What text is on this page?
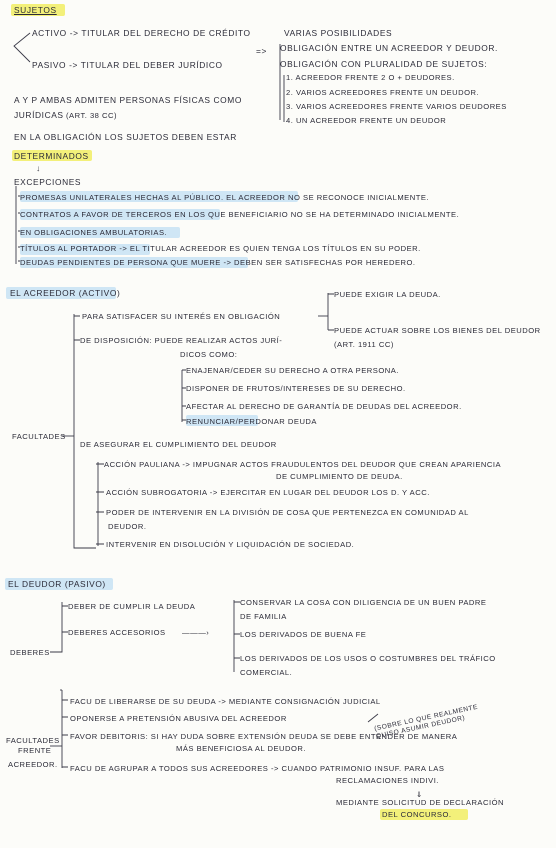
SUJETOS
ACTIVO -> TITULAR DEL DERECHO DE CRÉDITO
PASIVO -> TITULAR DEL DEBER JURÍDICO
A Y P AMBAS ADMITEN PERSONAS FÍSICAS COMO
JURÍDICAS (ART. 38 CC)
=>
VARIAS POSIBILIDADES
OBLIGACIÓN ENTRE UN ACREEDOR Y DEUDOR.
OBLIGACIÓN CON PLURALIDAD DE SUJETOS:
1. ACREEDOR FRENTE 2 O + DEUDORES.
2. VARIOS ACREEDORES FRENTE UN DEUDOR.
3. VARIOS ACREEDORES FRENTE VARIOS DEUDORES
4. UN ACREEDOR FRENTE UN DEUDOR
EN LA OBLIGACIÓN LOS SUJETOS DEBEN ESTAR
DETERMINADOS
↓
EXCEPCIONES
PROMESAS UNILATERALES HECHAS AL PÚBLICO. EL ACREEDOR NO SE RECONOCE INICIALMENTE.
CONTRATOS A FAVOR DE TERCEROS EN LOS QUE BENEFICIARIO NO SE HA DETERMINADO INICIALMENTE.
EN OBLIGACIONES AMBULATORIAS.
TÍTULOS AL PORTADOR -> EL TITULAR ACREEDOR ES QUIEN TENGA LOS TÍTULOS EN SU PODER.
DEUDAS PENDIENTES DE PERSONA QUE MUERE -> DEBEN SER SATISFECHAS POR HEREDERO.
EL ACREEDOR (ACTIVO)
PARA SATISFACER SU INTERÉS EN OBLIGACIÓN
PUEDE EXIGIR LA DEUDA.
PUEDE ACTUAR SOBRE LOS BIENES DEL DEUDOR
(ART. 1911 CC)
DE DISPOSICIÓN: PUEDE REALIZAR ACTOS JURÍ-
DICOS COMO:
ENAJENAR/CEDER SU DERECHO A OTRA PERSONA.
DISPONER DE FRUTOS/INTERESES DE SU DERECHO.
AFECTAR AL DERECHO DE GARANTÍA DE DEUDAS DEL ACREEDOR.
RENUNCIAR/PERDONAR DEUDA
FACULTADES
DE ASEGURAR EL CUMPLIMIENTO DEL DEUDOR
ACCIÓN PAULIANA -> IMPUGNAR ACTOS FRAUDULENTOS DEL DEUDOR QUE CREAN APARIENCIA
DE CUMPLIMIENTO DE DEUDA.
ACCIÓN SUBROGATORIA -> EJERCITAR EN LUGAR DEL DEUDOR LOS D. Y ACC.
PODER DE INTERVENIR EN LA DIVISIÓN DE COSA QUE PERTENEZCA EN COMUNIDAD AL
DEUDOR.
INTERVENIR EN DISOLUCIÓN Y LIQUIDACIÓN DE SOCIEDAD.
EL DEUDOR (PASIVO)
DEBER DE CUMPLIR LA DEUDA
DEBERES ACCESORIOS ———›
DEBERES
CONSERVAR LA COSA CON DILIGENCIA DE UN BUEN PADRE
DE FAMILIA
LOS DERIVADOS DE BUENA FE
LOS DERIVADOS DE LOS USOS O COSTUMBRES DEL TRÁFICO
COMERCIAL.
FACULTADES
FRENTE
ACREEDOR.
FACU DE LIBERARSE DE SU DEUDA -> MEDIANTE CONSIGNACIÓN JUDICIAL
(SOBRE LO QUE REALMENTE QUISO ASUMIR DEUDOR)
OPONERSE A PRETENSIÓN ABUSIVA DEL ACREEDOR
FAVOR DEBITORIS: SI HAY DUDA SOBRE EXTENSIÓN DEUDA SE DEBE ENTENDER DE MANERA
MÁS BENEFICIOSA AL DEUDOR.
FACU DE AGRUPAR A TODOS SUS ACREEDORES -> CUANDO PATRIMONIO INSUF. PARA LAS
RECLAMACIONES INDIVI.
⇓
MEDIANTE SOLICITUD DE DECLARACIÓN
DEL CONCURSO.
